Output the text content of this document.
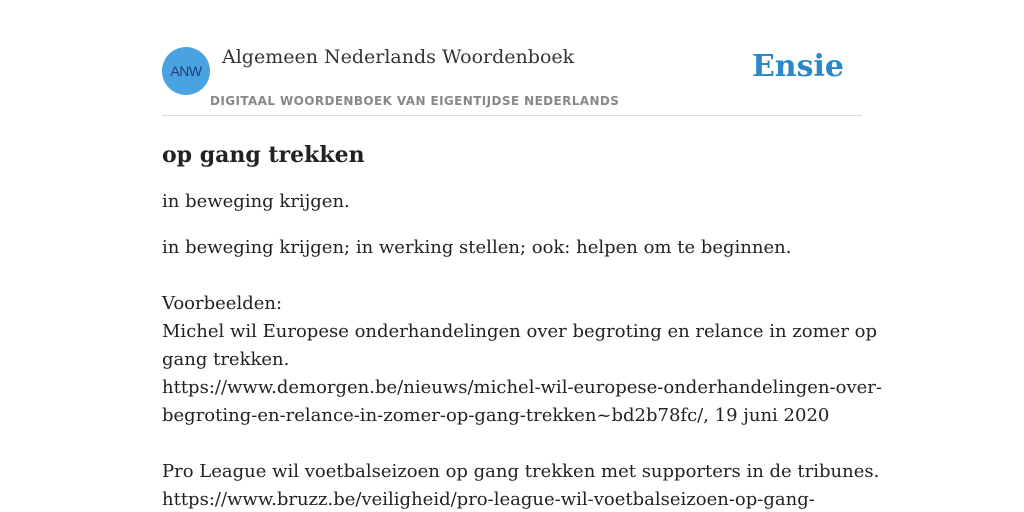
ANW
Algemeen Nederlands Woordenboek
DIGITAAL WOORDENBOEK VAN EIGENTIJDSE NEDERLANDS
Ensie
op gang trekken

in beweging krijgen.

in beweging krijgen; in werking stellen; ook: helpen om te beginnen.
Voorbeelden:
Michel wil Europese onderhandelingen over begroting en relance in zomer op
gang trekken.
https://www.demorgen.be/nieuws/michel-wil-europese-onderhandelingen-over-
begroting-en-relance-in-zomer-op-gang-trekken~bd2b78fc/, 19 juni 2020
Pro League wil voetbalseizoen op gang trekken met supporters in de tribunes.
https://www.bruzz.be/veiligheid/pro-league-wil-voetbalseizoen-op-gang-
